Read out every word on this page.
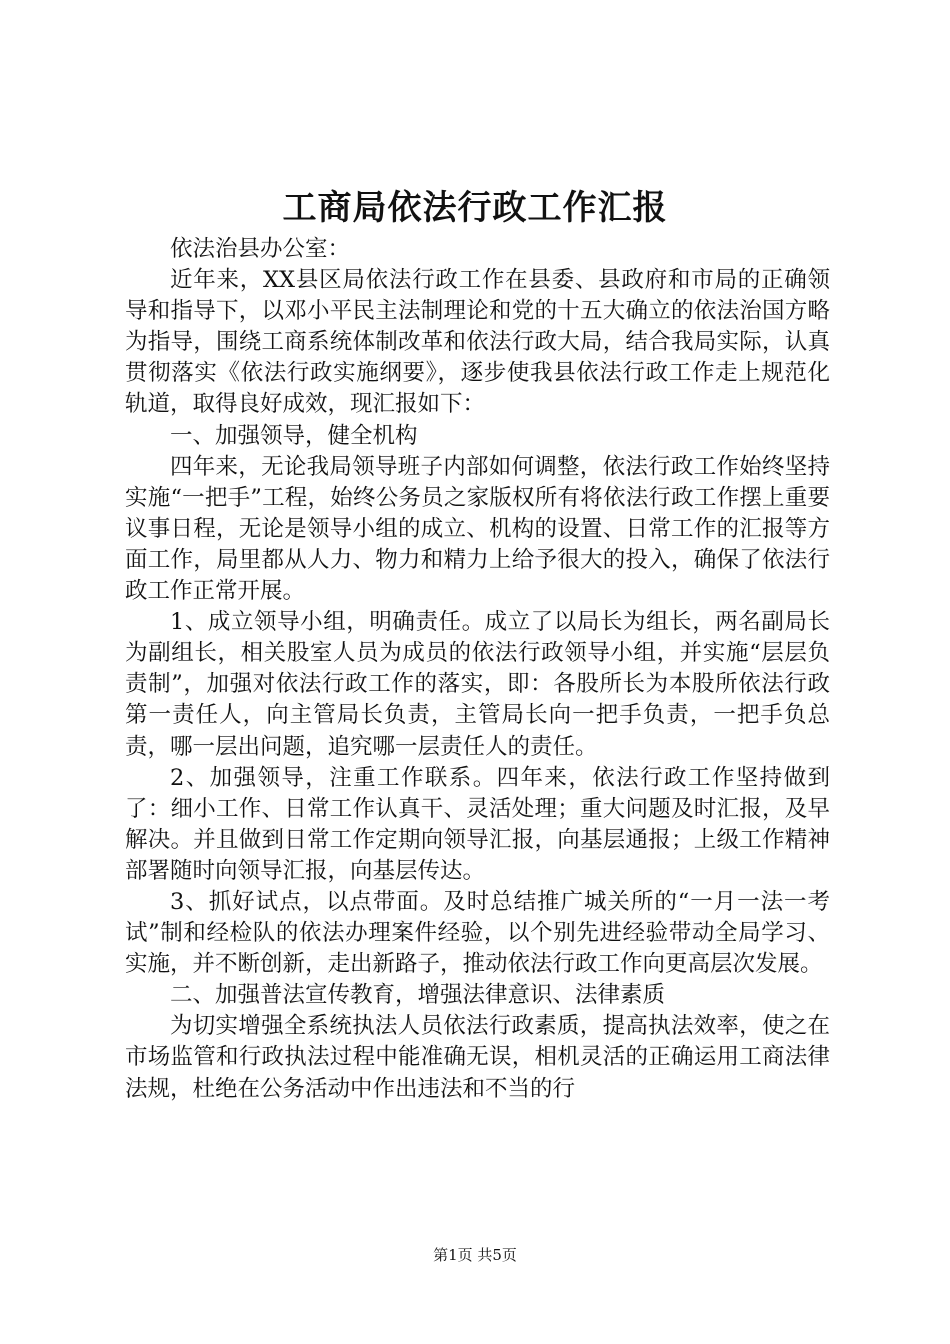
工商局依法行政工作汇报

依法治县办公室：

近年来，XX县区局依法行政工作在县委、县政府和市局的正确领导和指导下，以邓小平民主法制理论和党的十五大确立的依法治国方略为指导，围绕工商系统体制改革和依法行政大局，结合我局实际，认真贯彻落实《依法行政实施纲要》，逐步使我县依法行政工作走上规范化轨道，取得良好成效，现汇报如下：

一、加强领导，健全机构

四年来，无论我局领导班子内部如何调整，依法行政工作始终坚持实施“一把手”工程，始终公务员之家版权所有将依法行政工作摆上重要议事日程，无论是领导小组的成立、机构的设置、日常工作的汇报等方面工作，局里都从人力、物力和精力上给予很大的投入，确保了依法行政工作正常开展。

1、成立领导小组，明确责任。成立了以局长为组长，两名副局长为副组长，相关股室人员为成员的依法行政领导小组，并实施“层层负责制”，加强对依法行政工作的落实，即：各股所长为本股所依法行政第一责任人，向主管局长负责，主管局长向一把手负责，一把手负总责，哪一层出问题，追究哪一层责任人的责任。

2、加强领导，注重工作联系。四年来，依法行政工作坚持做到了：细小工作、日常工作认真干、灵活处理；重大问题及时汇报，及早解决。并且做到日常工作定期向领导汇报，向基层通报；上级工作精神部署随时向领导汇报，向基层传达。

3、抓好试点，以点带面。及时总结推广城关所的“一月一法一考试”制和经检队的依法办理案件经验，以个别先进经验带动全局学习、实施，并不断创新，走出新路子，推动依法行政工作向更高层次发展。

二、加强普法宣传教育，增强法律意识、法律素质

为切实增强全系统执法人员依法行政素质，提高执法效率，使之在市场监管和行政执法过程中能准确无误，相机灵活的正确运用工商法律法规，杜绝在公务活动中作出违法和不当的行

第1页 共5页
